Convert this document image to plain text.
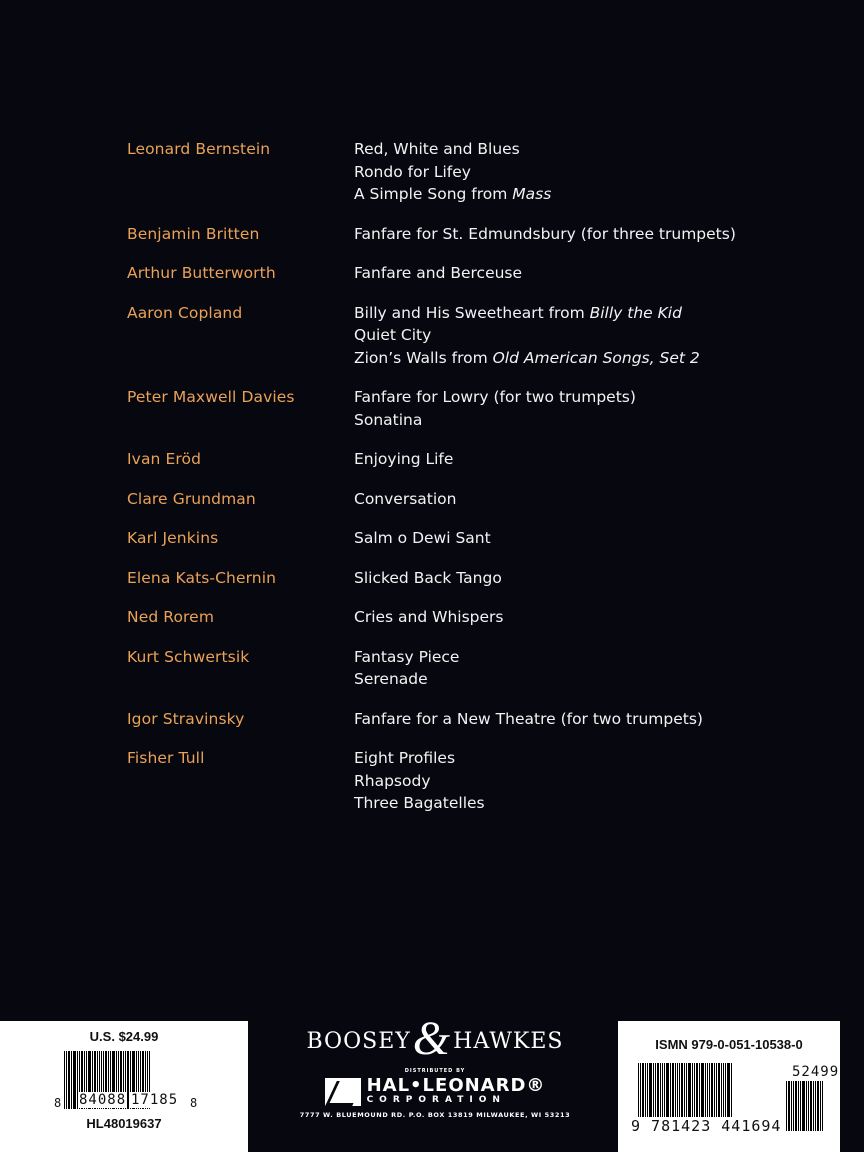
Leonard Bernstein	Red, White and Blues
Rondo for Lifey
A Simple Song from Mass
Benjamin Britten	Fanfare for St. Edmundsbury (for three trumpets)
Arthur Butterworth	Fanfare and Berceuse
Aaron Copland	Billy and His Sweetheart from Billy the Kid
Quiet City
Zion’s Walls from Old American Songs, Set 2
Peter Maxwell Davies	Fanfare for Lowry (for two trumpets)
Sonatina
Ivan Eröd	Enjoying Life
Clare Grundman	Conversation
Karl Jenkins	Salm o Dewi Sant
Elena Kats-Chernin	Slicked Back Tango
Ned Rorem	Cries and Whispers
Kurt Schwertsik	Fantasy Piece
Serenade
Igor Stravinsky	Fanfare for a New Theatre (for two trumpets)
Fisher Tull	Eight Profiles
Rhapsody
Three Bagatelles
U.S. $24.99
8 84088 17185 8
HL48019637
BOOSEY & HAWKES
DISTRIBUTED BY
HAL•LEONARD®
CORPORATION
7777 W. BLUEMOUND RD. P.O. BOX 13819 MILWAUKEE, WI 53213
ISMN 979-0-051-10538-0
52499
9 781423 441694
